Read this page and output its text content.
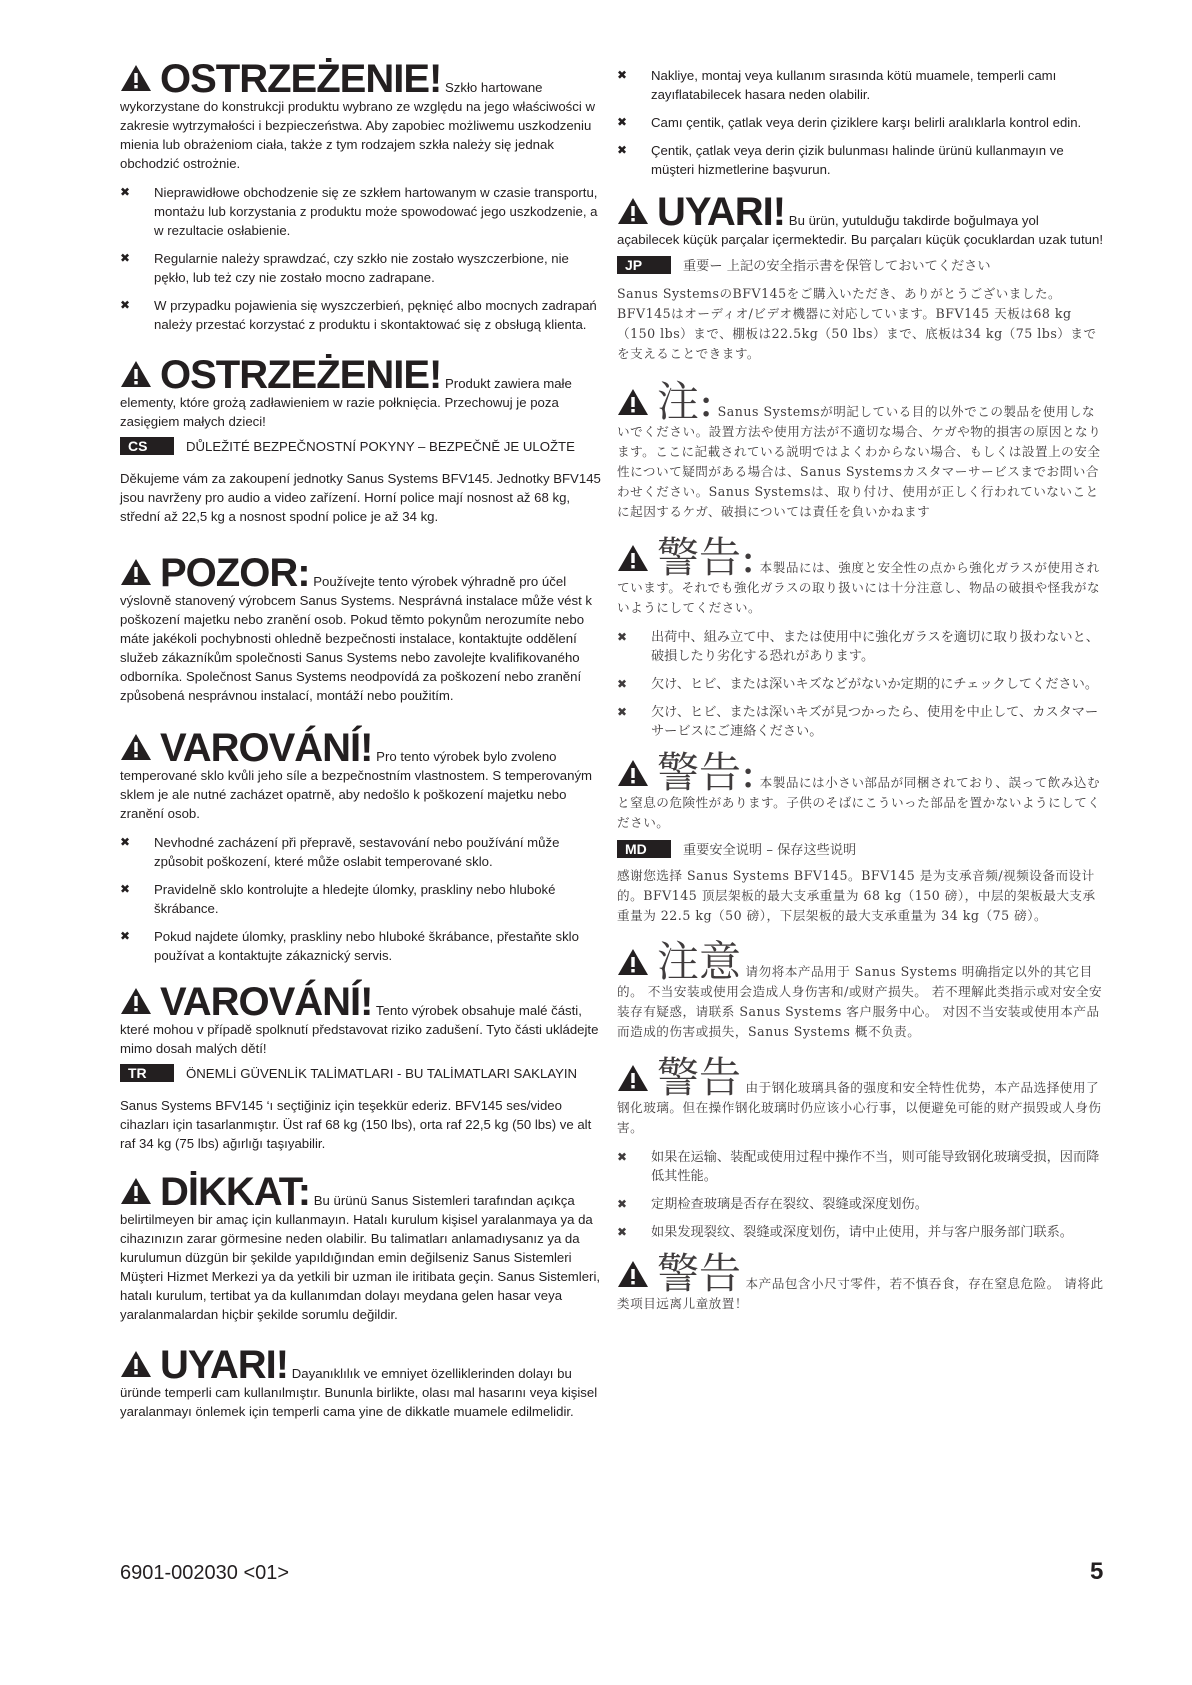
OSTRZEŻENIE! Szkło hartowane wykorzystane do konstrukcji produktu wybrano ze względu na jego właściwości w zakresie wytrzymałości i bezpieczeństwa. Aby zapobiec możliwemu uszkodzeniu mienia lub obrażeniom ciała, także z tym rodzajem szkła należy się jednak obchodzić ostrożnie.
✖ Nieprawidłowe obchodzenie się ze szkłem hartowanym w czasie transportu, montażu lub korzystania z produktu może spowodować jego uszkodzenie, a w rezultacie osłabienie.
✖ Regularnie należy sprawdzać, czy szkło nie zostało wyszczerbione, nie pękło, lub też czy nie zostało mocno zadrapane.
✖ W przypadku pojawienia się wyszczerbień, pęknięć albo mocnych zadrapań należy przestać korzystać z produktu i skontaktować się z obsługą klienta.
OSTRZEŻENIE! Produkt zawiera małe elementy, które grożą zadławieniem w razie połknięcia. Przechowuj je poza zasięgiem małych dzieci!
CS	DŮLEŽITÉ BEZPEČNOSTNÍ POKYNY – BEZPEČNĚ JE ULOŽTE
Děkujeme vám za zakoupení jednotky Sanus Systems BFV145. Jednotky BFV145 jsou navrženy pro audio a video zařízení. Horní police mají nosnost až 68 kg, střední až 22,5 kg a nosnost spodní police je až 34 kg.
POZOR: Používejte tento výrobek výhradně pro účel výslovně stanovený výrobcem Sanus Systems. Nesprávná instalace může vést k poškození majetku nebo zranění osob. Pokud těmto pokynům nerozumíte nebo máte jakékoli pochybnosti ohledně bezpečnosti instalace, kontaktujte oddělení služeb zákazníkům společnosti Sanus Systems nebo zavolejte kvalifikovaného odborníka. Společnost Sanus Systems neodpovídá za poškození nebo zranění způsobená nesprávnou instalací, montáží nebo použitím.
VAROVÁNÍ! Pro tento výrobek bylo zvoleno temperované sklo kvůli jeho síle a bezpečnostním vlastnostem. S temperovaným sklem je ale nutné zacházet opatrně, aby nedošlo k poškození majetku nebo zranění osob.
✖ Nevhodné zacházení při přepravě, sestavování nebo používání může způsobit poškození, které může oslabit temperované sklo.
✖ Pravidelně sklo kontrolujte a hledejte úlomky, praskliny nebo hluboké škrábance.
✖ Pokud najdete úlomky, praskliny nebo hluboké škrábance, přestaňte sklo používat a kontaktujte zákaznický servis.
VAROVÁNÍ! Tento výrobek obsahuje malé části, které mohou v případě spolknutí představovat riziko zadušení. Tyto části ukládejte mimo dosah malých dětí!
TR	ÖNEMLİ GÜVENLİK TALİMATLARI - BU TALİMATLARI SAKLAYIN
Sanus Systems BFV145 ‘ı seçtiğiniz için teşekkür ederiz. BFV145 ses/video cihazları için tasarlanmıştır. Üst raf 68 kg (150 lbs), orta raf 22,5 kg (50 lbs) ve alt raf 34 kg (75 lbs) ağırlığı taşıyabilir.
DİKKAT: Bu ürünü Sanus Sistemleri tarafından açıkça belirtilmeyen bir amaç için kullanmayın. Hatalı kurulum kişisel yaralanmaya ya da cihazınızın zarar görmesine neden olabilir. Bu talimatları anlamadıysanız ya da kurulumun düzgün bir şekilde yapıldığından emin değilseniz Sanus Sistemleri Müşteri Hizmet Merkezi ya da yetkili bir uzman ile iritibata geçin. Sanus Sistemleri, hatalı kurulum, tertibat ya da kullanımdan dolayı meydana gelen hasar veya yaralanmalardan hiçbir şekilde sorumlu değildir.
UYARI! Dayanıklılık ve emniyet özelliklerinden dolayı bu üründe temperli cam kullanılmıştır. Bununla birlikte, olası mal hasarını veya kişisel yaralanmayı önlemek için temperli cama yine de dikkatle muamele edilmelidir.
✖ Nakliye, montaj veya kullanım sırasında kötü muamele, temperli camı zayıflatabilecek hasara neden olabilir.
✖ Camı çentik, çatlak veya derin çiziklere karşı belirli aralıklarla kontrol edin.
✖ Çentik, çatlak veya derin çizik bulunması halinde ürünü kullanmayın ve müşteri hizmetlerine başvurun.
UYARI! Bu ürün, yutulduğu takdirde boğulmaya yol açabilecek küçük parçalar içermektedir. Bu parçaları küçük çocuklardan uzak tutun!
JP	重要ー 上記の安全指示書を保管しておいてください
Sanus SystemsのBFV145をご購入いただき、ありがとうございました。BFV145はオーディオ/ビデオ機器に対応しています。BFV145 天板は68 kg（150 lbs）まで、棚板は22.5kg（50 lbs）まで、底板は34 kg（75 lbs）までを支えることできます。
注: Sanus Systemsが明記している目的以外でこの製品を使用しないでください。設置方法や使用方法が不適切な場合、ケガや物的損害の原因となります。ここに記載されている説明ではよくわからない場合、もしくは設置上の安全性について疑問がある場合は、Sanus Systemsカスタマーサービスまでお問い合わせください。Sanus Systemsは、取り付け、使用が正しく行われていないことに起因するケガ、破損については責任を負いかねます
警告: 本製品には、強度と安全性の点から強化ガラスが使用されています。それでも強化ガラスの取り扱いには十分注意し、物品の破損や怪我がないようにしてください。
✖ 出荷中、組み立て中、または使用中に強化ガラスを適切に取り扱わないと、破損したり劣化する恐れがあります。
✖ 欠け、ヒビ、または深いキズなどがないか定期的にチェックしてください。
✖ 欠け、ヒビ、または深いキズが見つかったら、使用を中止して、カスタマーサービスにご連絡ください。
警告: 本製品には小さい部品が同梱されており、誤って飲み込むと窒息の危険性があります。子供のそばにこういった部品を置かないようにしてください。
MD	重要安全说明 – 保存这些说明
感谢您选择 Sanus Systems BFV145。BFV145 是为支承音频/视频设备而设计的。BFV145 顶层架板的最大支承重量为 68 kg（150 磅），中层的架板最大支承重量为 22.5 kg（50 磅），下层架板的最大支承重量为 34 kg（75 磅）。
注意 请勿将本产品用于 Sanus Systems 明确指定以外的其它目的。 不当安装或使用会造成人身伤害和/或财产损失。 若不理解此类指示或对安全安装存有疑惑，请联系 Sanus Systems 客户服务中心。 对因不当安装或使用本产品而造成的伤害或损失，Sanus Systems 概不负责。
警告 由于钢化玻璃具备的强度和安全特性优势，本产品选择使用了钢化玻璃。但在操作钢化玻璃时仍应该小心行事，以便避免可能的财产损毁或人身伤害。
✖ 如果在运输、装配或使用过程中操作不当，则可能导致钢化玻璃受损，因而降低其性能。
✖ 定期检查玻璃是否存在裂纹、裂缝或深度划伤。
✖ 如果发现裂纹、裂缝或深度划伤，请中止使用，并与客户服务部门联系。
警告 本产品包含小尺寸零件，若不慎吞食，存在窒息危险。 请将此类项目远离儿童放置！
6901-002030 <01>	5
